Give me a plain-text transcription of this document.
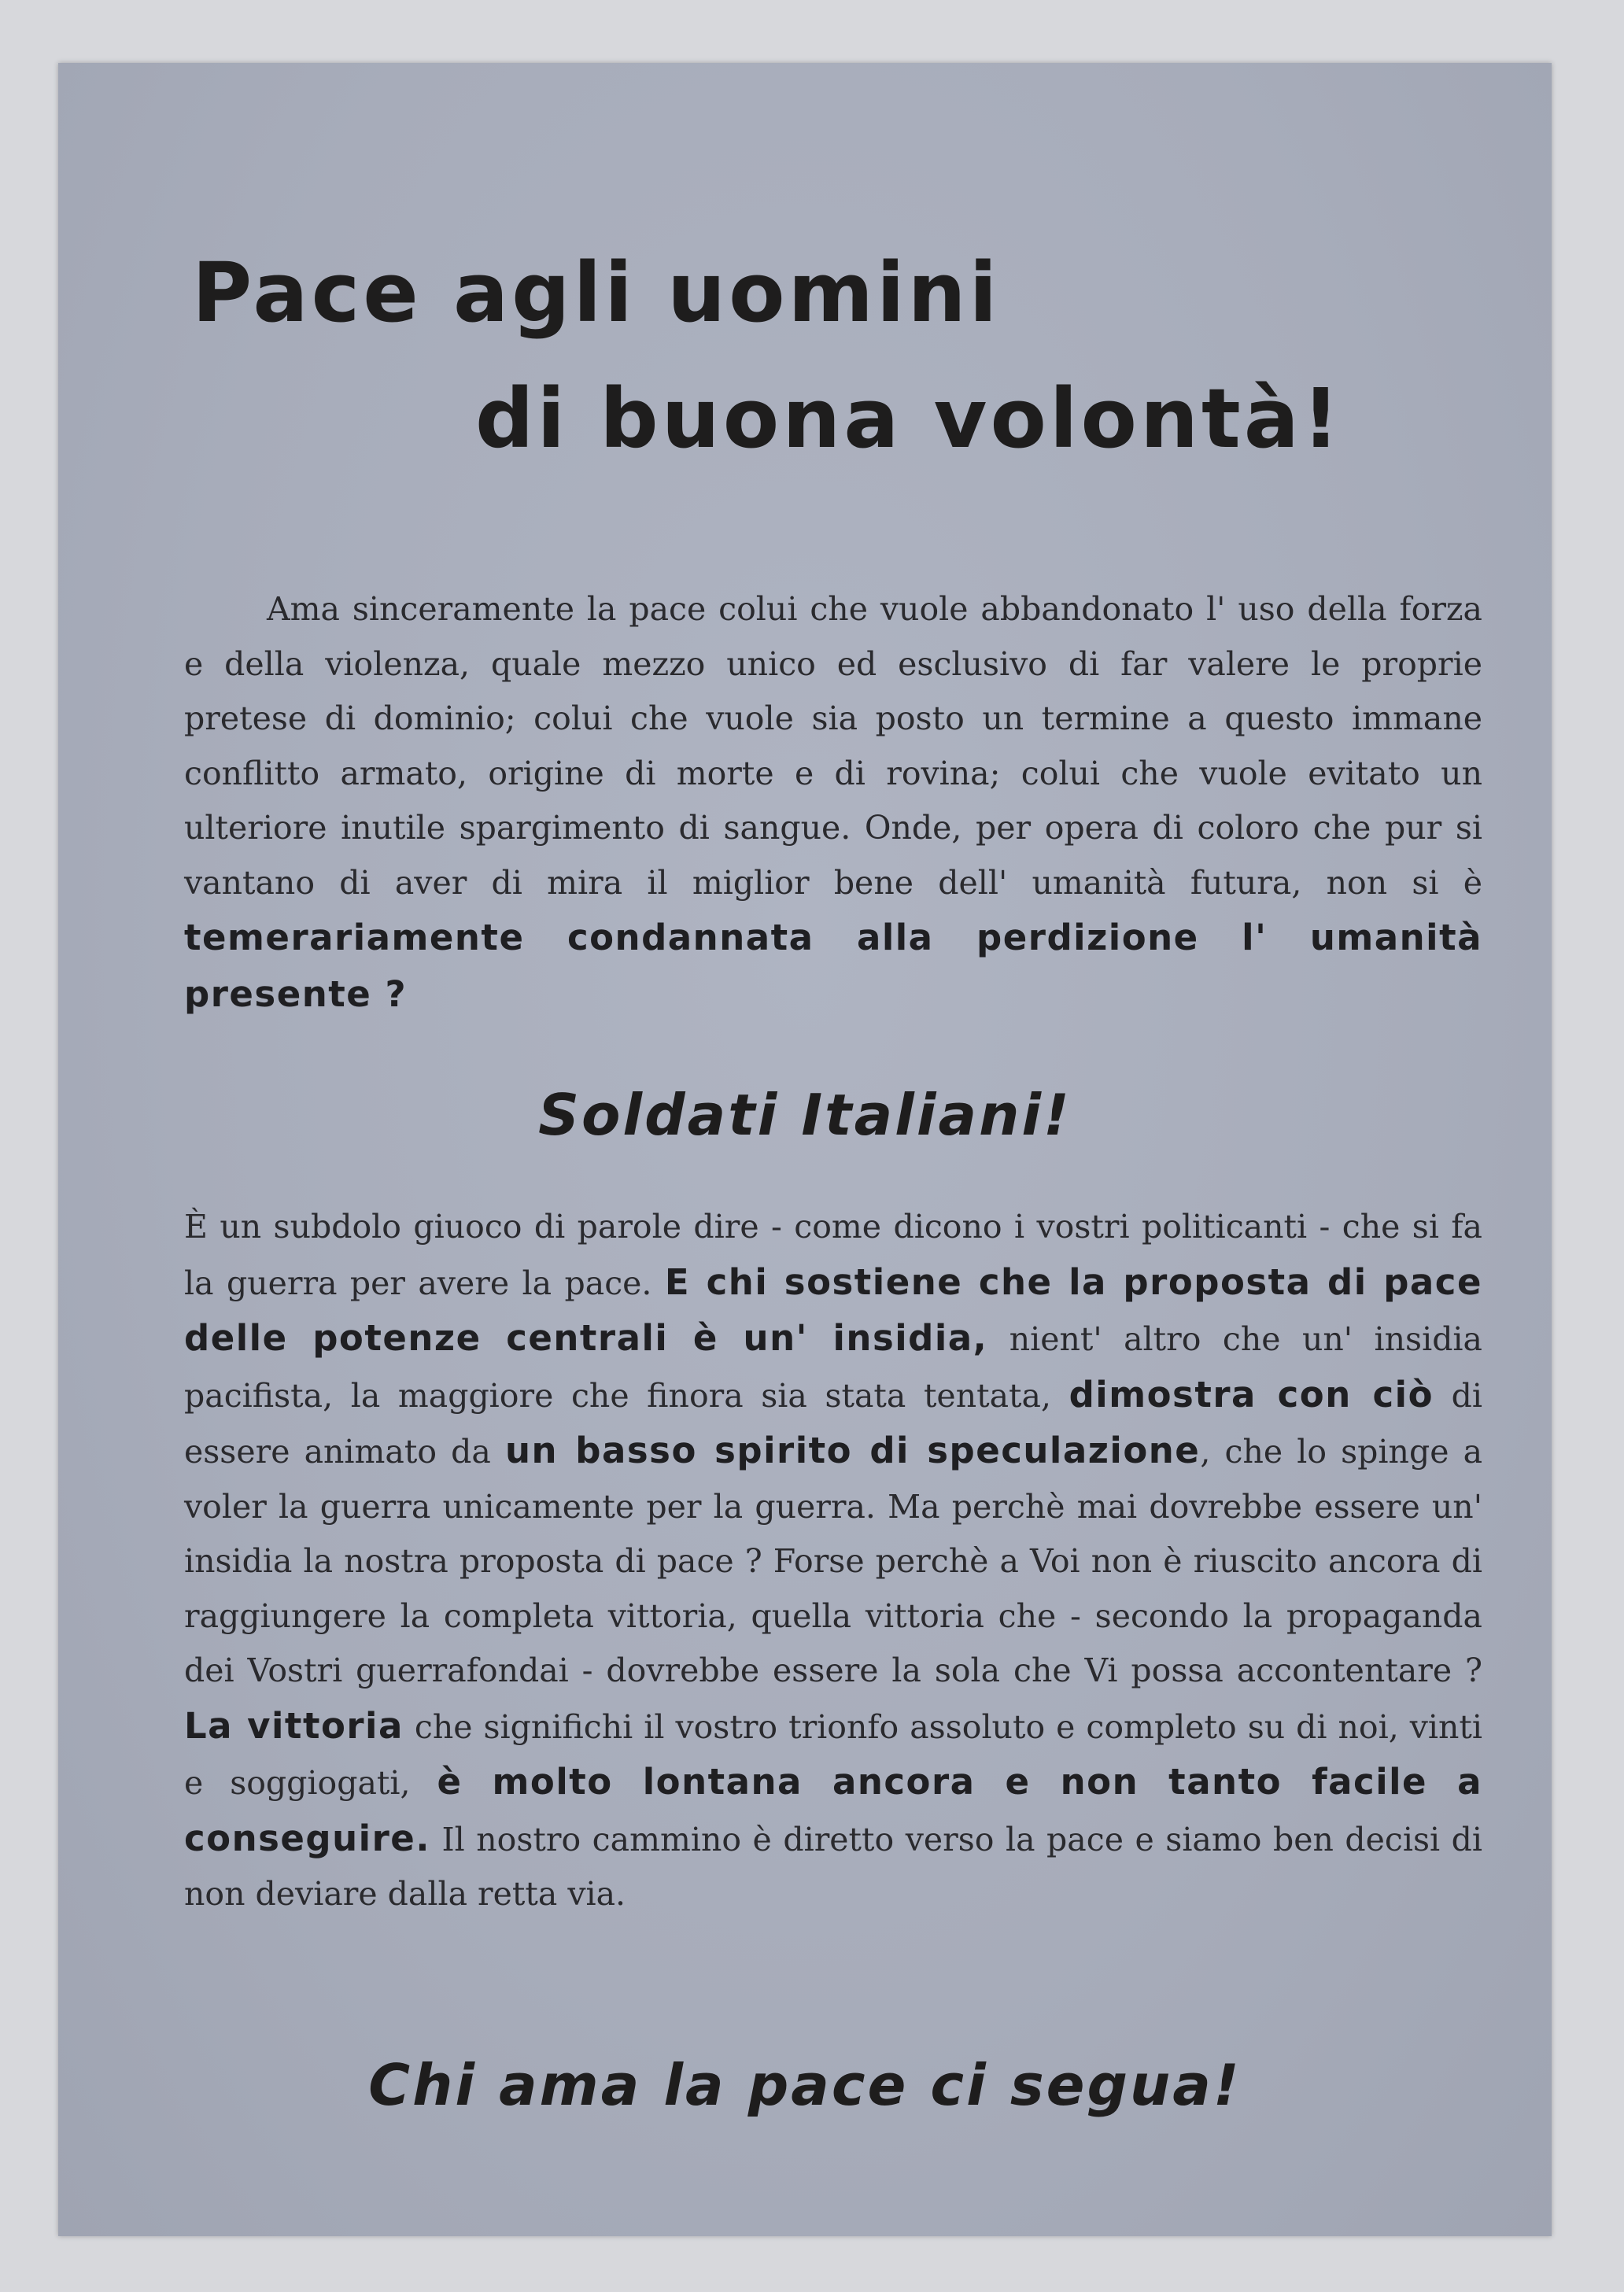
Pace agli uomini
di buona volontà!
Ama sinceramente la pace colui che vuole abbandonato l' uso della forza e della violenza, quale mezzo unico ed esclusivo di far valere le proprie pretese di dominio; colui che vuole sia posto un termine a questo immane conflitto armato, origine di morte e di rovina; colui che vuole evitato un ulteriore inutile spargimento di sangue. Onde, per opera di coloro che pur si vantano di aver di mira il miglior bene dell' umanità futura, non si è temerariamente condannata alla perdizione l' umanità presente ?
Soldati Italiani!
È un subdolo giuoco di parole dire - come dicono i vostri politicanti - che si fa la guerra per avere la pace. E chi sostiene che la proposta di pace delle potenze centrali è un' insidia, nient' altro che un' insidia pacifista, la maggiore che finora sia stata tentata, dimostra con ciò di essere animato da un basso spirito di speculazione, che lo spinge a voler la guerra unicamente per la guerra. Ma perchè mai dovrebbe essere un' insidia la nostra proposta di pace ? Forse perchè a Voi non è riuscito ancora di raggiungere la completa vittoria, quella vittoria che - secondo la propaganda dei Vostri guerrafondai - dovrebbe essere la sola che Vi possa accontentare ? La vittoria che significhi il vostro trionfo assoluto e completo su di noi, vinti e soggiogati, è molto lontana ancora e non tanto facile a conseguire. Il nostro cammino è diretto verso la pace e siamo ben decisi di non deviare dalla retta via.
Chi ama la pace ci segua!
